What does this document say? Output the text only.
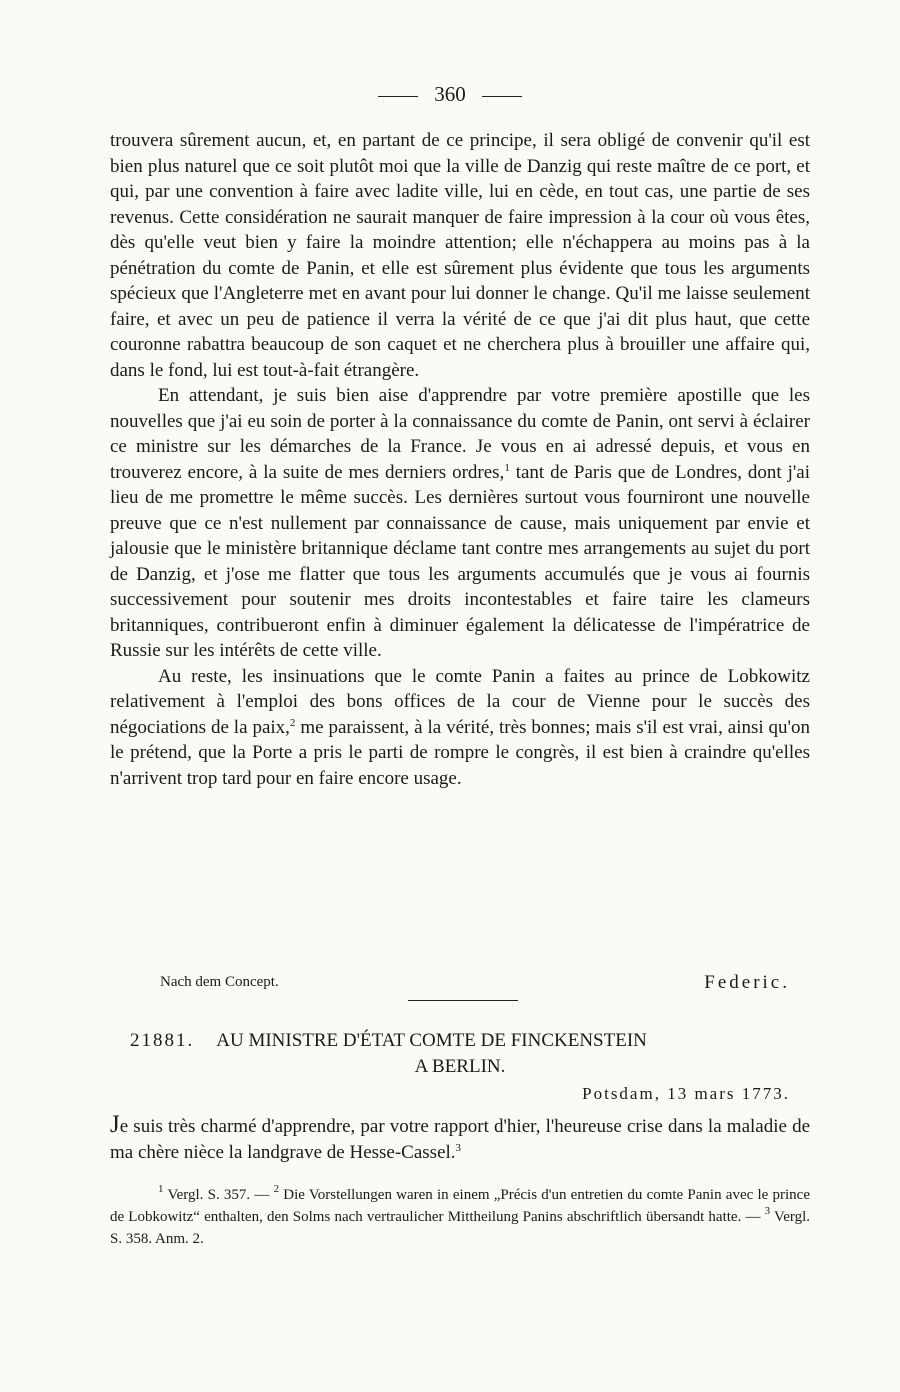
360

trouvera sûrement aucun, et, en partant de ce principe, il sera obligé de convenir qu'il est bien plus naturel que ce soit plutôt moi que la ville de Danzig qui reste maître de ce port, et qui, par une convention à faire avec ladite ville, lui en cède, en tout cas, une partie de ses revenus. Cette considération ne saurait manquer de faire impression à la cour où vous êtes, dès qu'elle veut bien y faire la moindre attention; elle n'échappera au moins pas à la pénétration du comte de Panin, et elle est sûrement plus évidente que tous les arguments spécieux que l'Angleterre met en avant pour lui donner le change. Qu'il me laisse seulement faire, et avec un peu de patience il verra la vérité de ce que j'ai dit plus haut, que cette couronne rabattra beaucoup de son caquet et ne cherchera plus à brouiller une affaire qui, dans le fond, lui est tout-à-fait étrangère.

En attendant, je suis bien aise d'apprendre par votre première apostille que les nouvelles que j'ai eu soin de porter à la connaissance du comte de Panin, ont servi à éclairer ce ministre sur les démarches de la France. Je vous en ai adressé depuis, et vous en trouverez encore, à la suite de mes derniers ordres,$^1$ tant de Paris que de Londres, dont j'ai lieu de me promettre le même succès. Les dernières surtout vous fourniront une nouvelle preuve que ce n'est nullement par connaissance de cause, mais uniquement par envie et jalousie que le ministère britannique déclame tant contre mes arrangements au sujet du port de Danzig, et j'ose me flatter que tous les arguments accumulés que je vous ai fournis successivement pour soutenir mes droits incontestables et faire taire les clameurs britanniques, contribueront enfin à diminuer également la délicatesse de l'impératrice de Russie sur les intérêts de cette ville.

Au reste, les insinuations que le comte Panin a faites au prince de Lobkowitz relativement à l'emploi des bons offices de la cour de Vienne pour le succès des négociations de la paix,$^2$ me paraissent, à la vérité, très bonnes; mais s'il est vrai, ainsi qu'on le prétend, que la Porte a pris le parti de rompre le congrès, il est bien à craindre qu'elles n'arrivent trop tard pour en faire encore usage.

Nach dem Concept.	Federic.
21881. AU MINISTRE D'ÉTAT COMTE DE FINCKENSTEIN
A BERLIN.
Potsdam, 13 mars 1773.
Je suis très charmé d'apprendre, par votre rapport d'hier, l'heureuse crise dans la maladie de ma chère nièce la landgrave de Hesse-Cassel.$^3$

$^1$ Vergl. S. 357. — $^2$ Die Vorstellungen waren in einem „Précis d'un entretien du comte Panin avec le prince de Lobkowitz“ enthalten, den Solms nach vertraulicher Mittheilung Panins abschriftlich übersandt hatte. — $^3$ Vergl. S. 358. Anm. 2.
